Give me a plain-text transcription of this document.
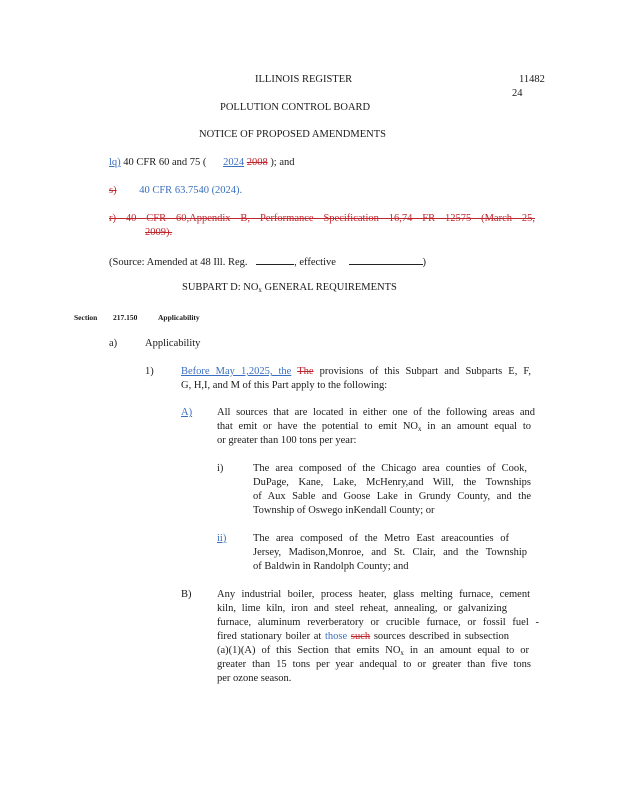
ILLINOIS REGISTER	11482
24
POLLUTION CONTROL BOARD
NOTICE OF PROPOSED AMENDMENTS
lq) 40 CFR 60 and 75 ( 2024 2008 ); and
s) 40 CFR 63.7540 (2024).
r) 40 CFR 60,Appendix B, Performance Specification 16,74 FR 12575 (March 25,
2009).
(Source: Amended at 48 Ill. Reg.	, effective	)
SUBPART D: $NO_x$ GENERAL REQUIREMENTS
Section 217.150	Applicability
a)	Applicability
1)	Before May 1,2025, the The provisions of this Subpart and Subparts E, F,
G, H,I, and M of this Part apply to the following:
A) All sources that are located in either one of the following areas and
that emit or have the potential to emit $NO_x$ in an amount equal to
or greater than 100 tons per year:
i)	The area composed of the Chicago area counties of Cook,
DuPage, Kane, Lake, McHenry,and Will, the Townships
of Aux Sable and Goose Lake in Grundy County, and the
Township of Oswego inKendall County; or
ii)	The area composed of the Metro East areacounties of
Jersey, Madison,Monroe, and St. Clair, and the Township
of Baldwin in Randolph County; and
B) Any industrial boiler, process heater, glass melting furnace, cement
kiln, lime kiln, iron and steel reheat, annealing, or galvanizing
furnace, aluminum reverberatory or crucible furnace, or fossil fuel -
fired stationary boiler at those such sources described in subsection
(a)(1)(A) of this Section that emits $NO_x$ in an amount equal to or
greater than 15 tons per year andequal to or greater than five tons
per ozone season.
